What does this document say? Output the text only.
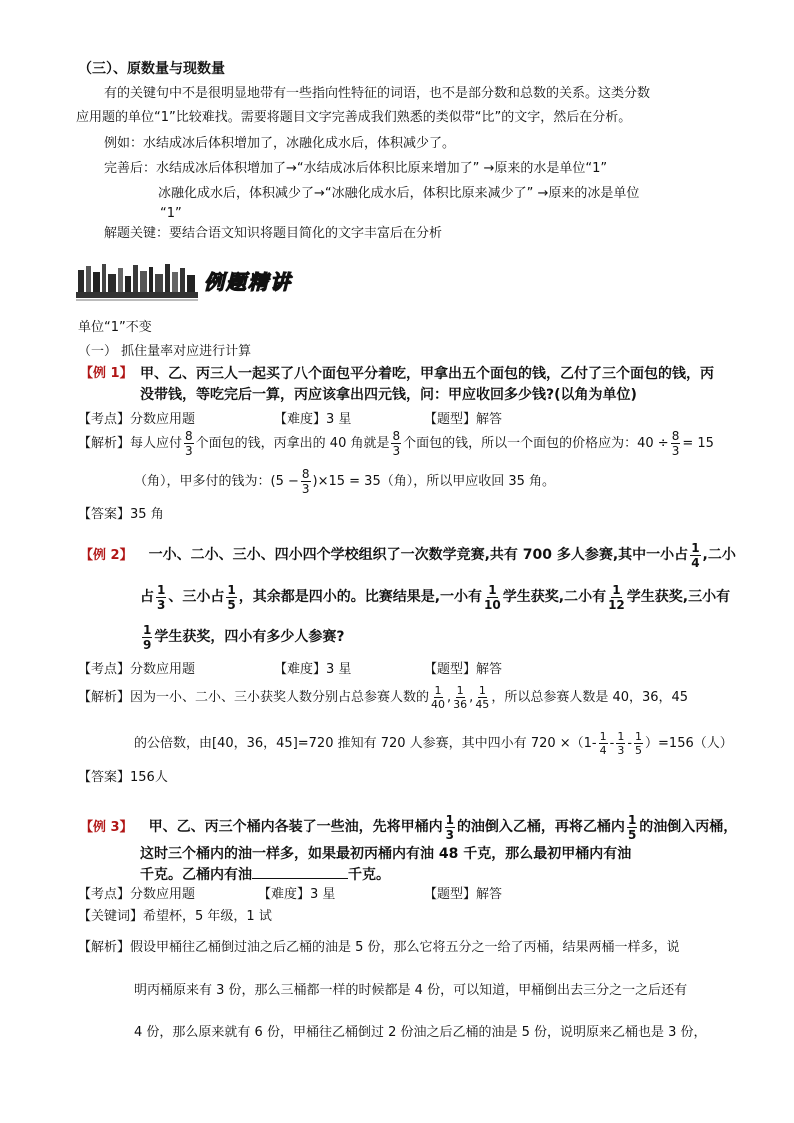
（三）、原数量与现数量
有的关键句中不是很明显地带有一些指向性特征的词语，也不是部分数和总数的关系。这类分数
应用题的单位“1”比较难找。需要将题目文字完善成我们熟悉的类似带“比”的文字，然后在分析。
例如：水结成冰后体积增加了，冰融化成水后，体积减少了。
完善后：水结成冰后体积增加了→“水结成冰后体积比原来增加了” →原来的水是单位“1”
冰融化成水后，体积减少了→“冰融化成水后，体积比原来减少了” →原来的冰是单位
“1”
解题关键：要结合语文知识将题目简化的文字丰富后在分析
例题精讲
单位“1”不变
（一） 抓住量率对应进行计算
【例 1】 甲、乙、丙三人一起买了八个面包平分着吃，甲拿出五个面包的钱，乙付了三个面包的钱，丙
没带钱，等吃完后一算，丙应该拿出四元钱，问：甲应收回多少钱?(以角为单位)
【考点】分数应用题	【难度】3 星	【题型】解答
【解析】每人应付 $\frac{8}{3}$ 个面包的钱，丙拿出的 40 角就是 $\frac{8}{3}$ 个面包的钱，所以一个面包的价格应为：$40 \div \frac{8}{3} = 15$
（角），甲多付的钱为：$(5 - \frac{8}{3} )\times 15 = 35$（角），所以甲应收回 35 角。
【答案】35 角
【例 2】 一小、二小、三小、四小四个学校组织了一次数学竞赛,共有 700 多人参赛,其中一小占 $\frac{1}{4}$ ,二小
占 $\frac{1}{3}$ 、三小占 $\frac{1}{5}$ ，其余都是四小的。比赛结果是,一小有 $\frac{1}{10}$ 学生获奖,二小有 $\frac{1}{12}$ 学生获奖,三小有
$\frac{1}{9}$ 学生获奖，四小有多少人参赛?
【考点】分数应用题	【难度】3 星	【题型】解答
【解析】因为一小、二小、三小获奖人数分别占总参赛人数的 $\frac{1}{40}$ , $\frac{1}{36}$ , $\frac{1}{45}$ ，所以总参赛人数是 40，36，45
的公倍数，由[40，36，45]=720 推知有 720 人参赛，其中四小有 $720 \times(1- \frac{1}{4} - \frac{1}{3} - \frac{1}{5} )=156$（人）
【答案】156人
【例 3】 甲、乙、丙三个桶内各装了一些油，先将甲桶内 $\frac{1}{3}$ 的油倒入乙桶，再将乙桶内 $\frac{1}{5}$ 的油倒入丙桶，
这时三个桶内的油一样多，如果最初丙桶内有油 48 千克，那么最初甲桶内有油
千克。乙桶内有油	千克。
【考点】分数应用题	【难度】3 星	【题型】解答
【关键词】希望杯，5 年级，1 试
【解析】假设甲桶往乙桶倒过油之后乙桶的油是 5 份，那么它将五分之一给了丙桶，结果两桶一样多，说
明丙桶原来有 3 份，那么三桶都一样的时候都是 4 份，可以知道，甲桶倒出去三分之一之后还有
4 份，那么原来就有 6 份，甲桶往乙桶倒过 2 份油之后乙桶的油是 5 份，说明原来乙桶也是 3 份，
